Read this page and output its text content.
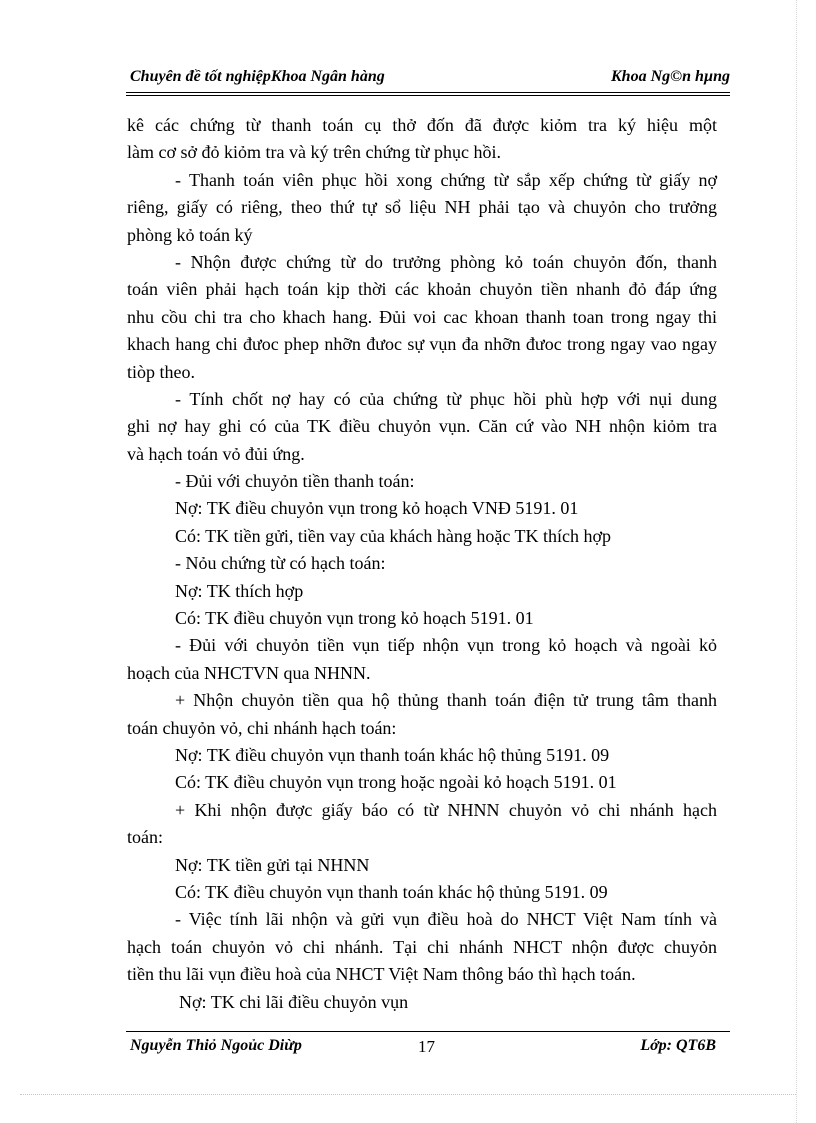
Chuyên đề tốt nghiệpKhoa Ngân hàng	Khoa Ng©n hµng
kê các chứng từ thanh toán cụ thở đốn đã được kiỏm tra ký hiệu một
làm cơ sở đỏ kiỏm tra và ký trên chứng từ phục hồi.
- Thanh toán viên phục hồi xong chứng từ sắp xếp chứng từ giấy nợ
riêng, giấy có riêng, theo thứ tự sổ liệu NH phải tạo và chuyỏn cho trưởng
phòng kỏ toán ký
- Nhộn được chứng từ do trưởng phòng kỏ toán chuyỏn đốn, thanh
toán viên phải hạch toán kịp thời các khoản chuyỏn tiền nhanh đỏ đáp ứng
nhu cồu chi tra cho khach hang. Đủi voi cac khoan thanh toan trong ngay thi
khach hang chi đưoc phep nhỡn đưoc sự vụn đa nhỡn đưoc trong ngay vao ngay
tiòp theo.
- Tính chốt nợ hay có của chứng từ phục hồi phù hợp với nụi dung
ghi nợ hay ghi có của TK điều chuyỏn vụn. Căn cứ vào NH nhộn kiỏm tra
và hạch toán vỏ đủi ứng.
- Đủi với chuyỏn tiền thanh toán:
Nợ: TK điều chuyỏn vụn trong kỏ hoạch VNĐ 5191. 01
Có: TK tiền gửi, tiền vay của khách hàng hoặc TK thích hợp
- Nỏu chứng từ có hạch toán:
Nợ: TK thích hợp
Có: TK điều chuyỏn vụn trong kỏ hoạch 5191. 01
- Đủi với chuyỏn tiền vụn tiếp nhộn vụn trong kỏ hoạch và ngoài kỏ
hoạch của NHCTVN qua NHNN.
+ Nhộn chuyỏn tiền qua hộ thủng thanh toán điện tử trung tâm thanh
toán chuyỏn vỏ, chi nhánh hạch toán:
Nợ: TK điều chuyỏn vụn thanh toán khác hộ thủng 5191. 09
Có: TK điều chuyỏn vụn trong hoặc ngoài kỏ hoạch 5191. 01
+ Khi nhộn được giấy báo có từ NHNN chuyỏn vỏ chi nhánh hạch
toán:
Nợ: TK tiền gửi tại NHNN
Có: TK điều chuyỏn vụn thanh toán khác hộ thủng 5191. 09
- Việc tính lãi nhộn và gửi vụn điều hoà do NHCT Việt Nam tính và
hạch toán chuyỏn vỏ chi nhánh. Tại chi nhánh NHCT nhộn được chuyỏn
tiền thu lãi vụn điều hoà của NHCT Việt Nam thông báo thì hạch toán.
Nợ: TK chi lãi điều chuyỏn vụn
Nguyễn Thiỏ Ngoủc Diừp	17	Lớp: QT6B
